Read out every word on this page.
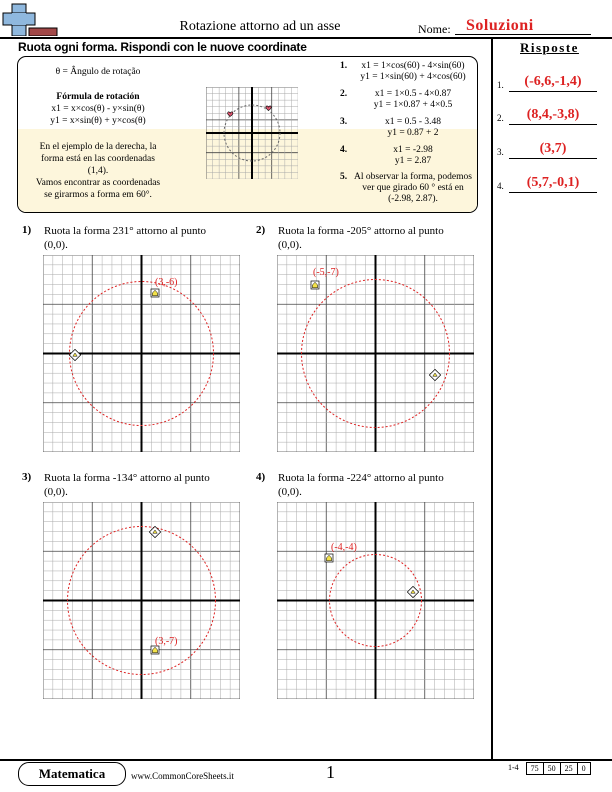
Rotazione attorno ad un asse	Nome: Soluzioni
Ruota ogni forma. Rispondi con le nuove coordinate	Risposte
1.	(-6,6,-1,4)
2.	(8,4,-3,8)
3.	(3,7)
4.	(5,7,-0,1)
θ = Ângulo de rotação
Fórmula de rotación
x1 = x×cos(θ) - y×sin(θ)
y1 = x×sin(θ) + y×cos(θ)
En el ejemplo de la derecha, la
forma está en las coordenadas
(1,4).
Vamos encontrar as coordenadas
se girarmos a forma em 60°.
1.	x1 = 1×cos(60) - 4×sin(60)
y1 = 1×sin(60) + 4×cos(60)
2.	x1 = 1×0.5 - 4×0.87
y1 = 1×0.87 + 4×0.5
3.	x1 = 0.5 - 3.48
y1 = 0.87 + 2
4.	x1 = -2.98
y1 = 2.87
5. Al observar la forma, podemos
ver que girado 60 ° está en
(-2.98, 2.87).
1) Ruota la forma 231° attorno al punto
(0,0).
(3,-6)
2) Ruota la forma -205° attorno al punto
(0,0).
(-5,-7)
3) Ruota la forma -134° attorno al punto
(0,0).
(3,-7)
4) Ruota la forma -224° attorno al punto
(0,0).
(-4,-4)
Matematica	www.CommonCoreSheets.it	1	1-4	75	50	25	0
